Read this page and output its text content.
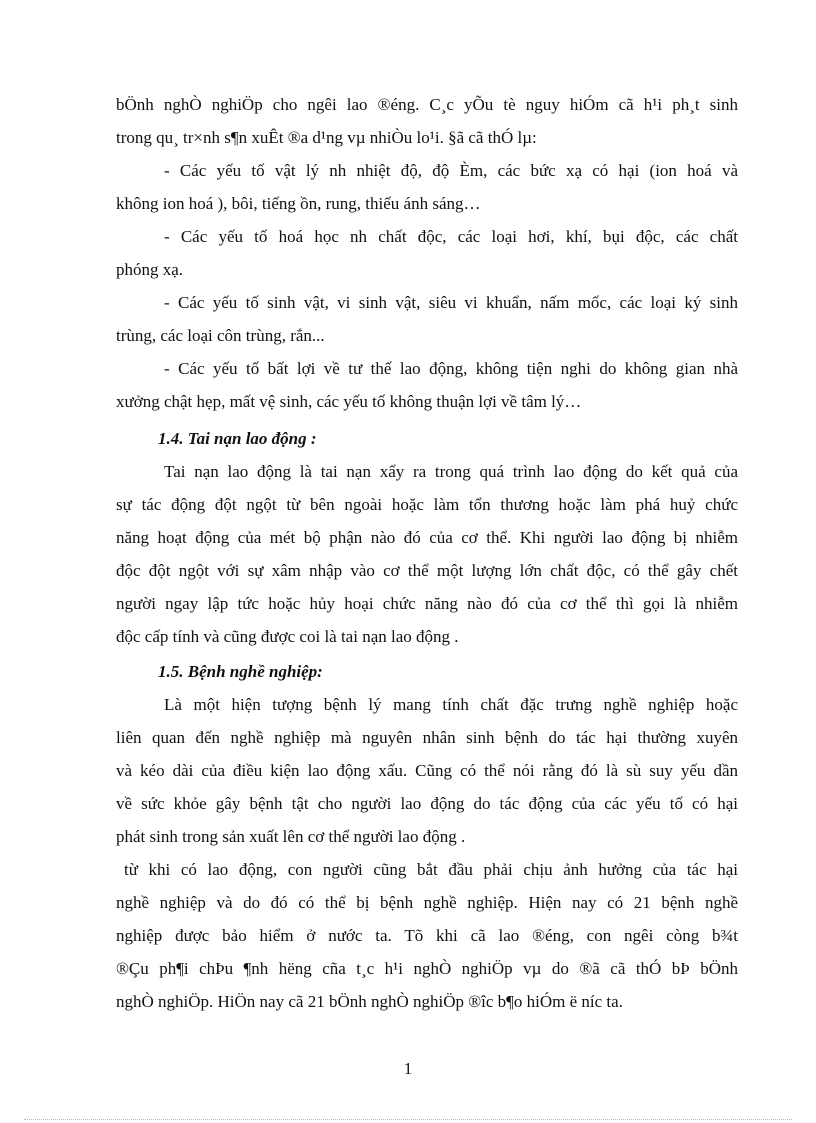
bÖnh nghÒ nghiÖp cho ngêi lao ®éng. C¸c yÕu tè nguy hiÓm cã h¹i ph¸t sinh
trong qu¸ tr×nh s¶n xuÊt ®a d¹ng vµ nhiÒu lo¹i. §ã cã thÓ lµ:
- Các yếu tố vật lý nh nhiệt độ, độ Èm, các bức xạ có hại (ion hoá và
không ion hoá ), bôi, tiếng ồn, rung, thiếu ánh sáng…
- Các yếu tố hoá học nh chất độc, các loại hơi, khí, bụi độc, các chất
phóng xạ.
- Các yếu tố sinh vật, vi sinh vật, siêu vi khuẩn, nấm mốc, các loại ký sinh
trùng, các loại côn trùng, rắn...
- Các yếu tố bất lợi về tư thế lao động, không tiện nghi do không gian nhà
xưởng chật hẹp, mất vệ sinh, các yếu tố không thuận lợi về tâm lý…
1.4. Tai nạn lao động :
Tai nạn lao động là tai nạn xẩy ra trong quá trình lao động do kết quả của
sự tác động đột ngột từ bên ngoài hoặc làm tổn thương hoặc làm phá huỷ chức
năng hoạt động của mét bộ phận nào đó của cơ thể. Khi người lao động bị nhiễm
độc đột ngột với sự xâm nhập vào cơ thể một lượng lớn chất độc, có thể gây chết
người ngay lập tức hoặc hủy hoại chức năng nào đó của cơ thể thì gọi là nhiễm
độc cấp tính và cũng được coi là tai nạn lao động .
1.5. Bệnh nghề nghiệp:
Là một hiện tượng bệnh lý mang tính chất đặc trưng nghề nghiệp hoặc
liên quan đến nghề nghiệp mà nguyên nhân sinh bệnh do tác hại thường xuyên
và kéo dài của điều kiện lao động xấu. Cũng có thể nói rằng đó là sù suy yếu dần
về sức khỏe gây bệnh tật cho người lao động do tác động của các yếu tố có hại
phát sinh trong sản xuất lên cơ thể người lao động .
từ khi có lao động, con người cũng bắt đầu phải chịu ảnh hưởng của tác hại
nghề nghiệp và do đó có thể bị bệnh nghề nghiệp. Hiện nay có 21 bệnh nghề
nghiệp được bảo hiểm ở nước ta. Tõ khi cã lao ®éng, con ngêi còng b¾t
®Çu ph¶i chÞu ¶nh hëng cña t¸c h¹i nghÒ nghiÖp vµ do ®ã cã thÓ bÞ bÖnh
nghÒ nghiÖp. HiÖn nay cã 21 bÖnh nghÒ nghiÖp ®îc b¶o hiÓm ë níc ta.
1
